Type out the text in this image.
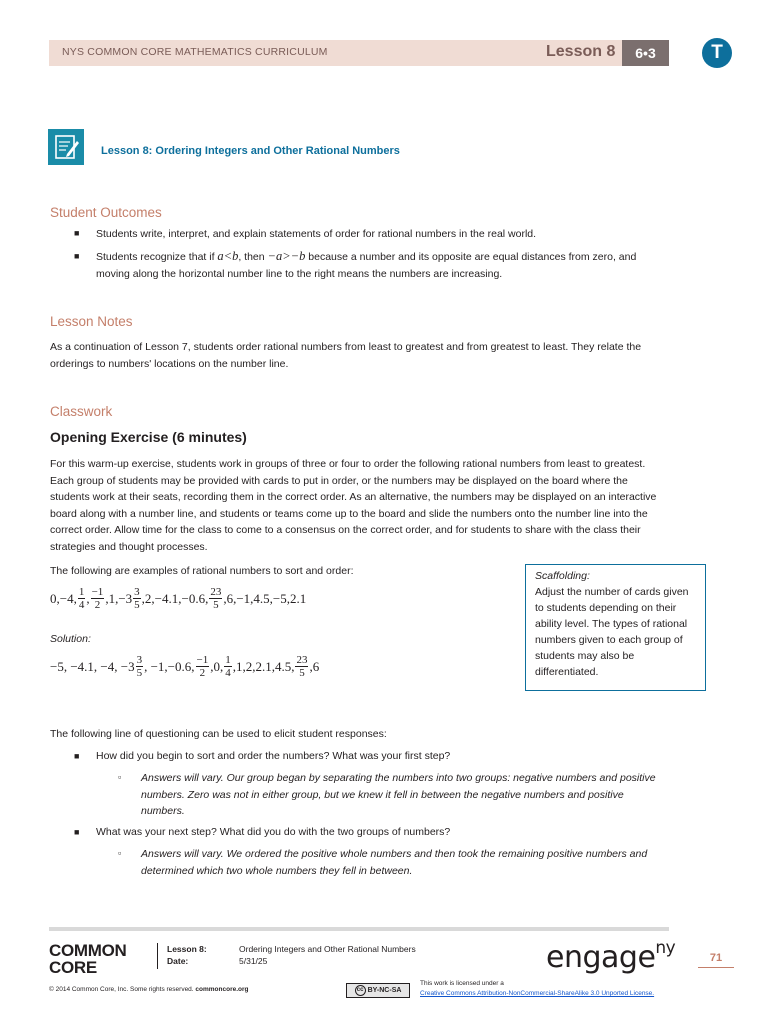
NYS COMMON CORE MATHEMATICS CURRICULUM	Lesson 8	6•3	T
Lesson 8: Ordering Integers and Other Rational Numbers
Student Outcomes
■ Students write, interpret, and explain statements of order for rational numbers in the real world.
■ Students recognize that if a<b, then −a>−b because a number and its opposite are equal distances from zero, and moving along the horizontal number line to the right means the numbers are increasing.
Lesson Notes
As a continuation of Lesson 7, students order rational numbers from least to greatest and from greatest to least. They relate the orderings to numbers' locations on the number line.
Classwork
Opening Exercise (6 minutes)
For this warm-up exercise, students work in groups of three or four to order the following rational numbers from least to greatest. Each group of students may be provided with cards to put in order, or the numbers may be displayed on the board where the students work at their seats, recording them in the correct order. As an alternative, the numbers may be displayed on an interactive board along with a number line, and students or teams come up to the board and slide the numbers onto the number line into the correct order. Allow time for the class to come to a consensus on the correct order, and for students to share with the class their strategies and thought processes.
The following are examples of rational numbers to sort and order:
0,−4, $\frac{1}{4}$ , $\frac{-1}{2} ,1,-3 \frac{3}{5} ,2,-4.1,-0.6$, $\frac{23}{5} ,6,-1,4.5,-5,2.1$
Solution:
−5, −4.1, −4, $-3 \frac{3}{5}$ , −1,−0.6, $\frac{-1}{2} ,0$, $\frac{1}{4} ,1,2,2.1,4.5$, $\frac{23}{5} ,6$
Scaffolding:
Adjust the number of cards given to students depending on their ability level. The types of rational numbers given to each group of students may also be differentiated.
The following line of questioning can be used to elicit student responses:
■ How did you begin to sort and order the numbers? What was your first step?
▫ Answers will vary. Our group began by separating the numbers into two groups: negative numbers and positive numbers. Zero was not in either group, but we knew it fell in between the negative numbers and positive numbers.
■ What was your next step? What did you do with the two groups of numbers?
▫ Answers will vary. We ordered the positive whole numbers and then took the remaining positive numbers and determined which two whole numbers they fell in between.
COMMON
CORE
Lesson 8:	Ordering Integers and Other Rational Numbers
Date:	5/31/25	engage$^{ny}$	71
© 2014 Common Core, Inc. Some rights reserved. commoncore.org	cc BY-NC-SA
This work is licensed under a
Creative Commons Attribution-NonCommercial-ShareAlike 3.0 Unported License.
